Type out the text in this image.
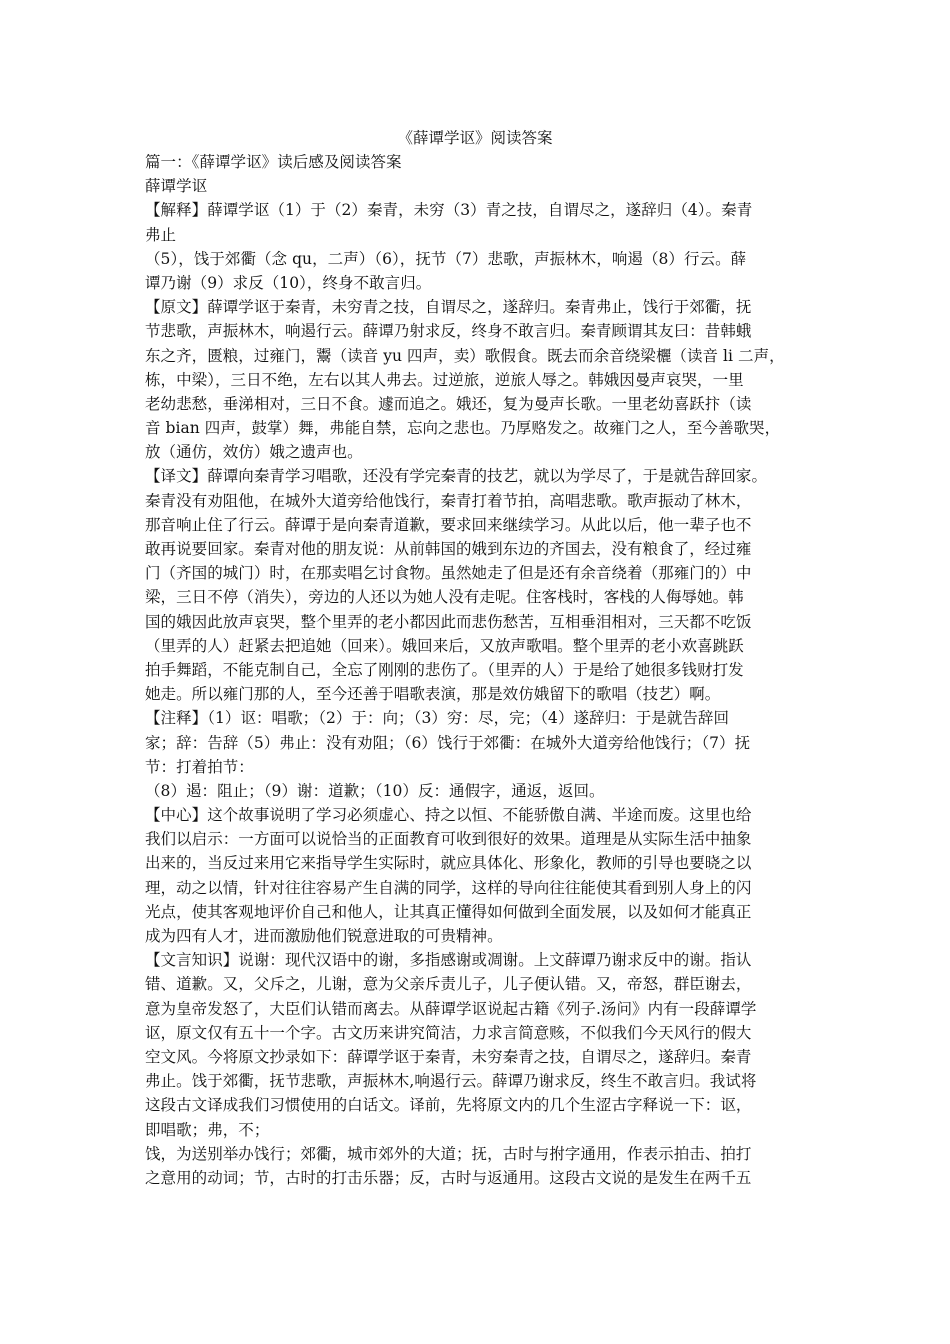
《薛谭学讴》阅读答案
篇一：《薛谭学讴》读后感及阅读答案
薛谭学讴
【解释】薛谭学讴（1）于（2）秦青，未穷（3）青之技，自谓尽之，遂辞归（4）。秦青
弗止
（5），饯于郊衢（念 qu，二声）（6），抚节（7）悲歌，声振林木，响遏（8）行云。薛
谭乃谢（9）求反（10），终身不敢言归。
【原文】薛谭学讴于秦青，未穷青之技，自谓尽之，遂辞归。秦青弗止，饯行于郊衢，抚
节悲歌，声振林木，响遏行云。薛谭乃射求反，终身不敢言归。秦青顾谓其友曰：昔韩蛾
东之齐，匮粮，过雍门，鬻（读音 yu 四声，卖）歌假食。既去而余音绕梁欐（读音 li 二声，
栋，中梁），三日不绝，左右以其人弗去。过逆旅，逆旅人辱之。韩娥因曼声哀哭，一里
老幼悲愁，垂涕相对，三日不食。遽而追之。娥还，复为曼声长歌。一里老幼喜跃抃（读
音 bian 四声，鼓掌）舞，弗能自禁，忘向之悲也。乃厚赂发之。故雍门之人，至今善歌哭，
放（通仿，效仿）娥之遗声也。
【译文】薛谭向秦青学习唱歌，还没有学完秦青的技艺，就以为学尽了，于是就告辞回家。
秦青没有劝阻他，在城外大道旁给他饯行，秦青打着节拍，高唱悲歌。歌声振动了林木，
那音响止住了行云。薛谭于是向秦青道歉，要求回来继续学习。从此以后，他一辈子也不
敢再说要回家。秦青对他的朋友说：从前韩国的娥到东边的齐国去，没有粮食了，经过雍
门（齐国的城门）时，在那卖唱乞讨食物。虽然她走了但是还有余音绕着（那雍门的）中
梁，三日不停（消失），旁边的人还以为她人没有走呢。住客栈时，客栈的人侮辱她。韩
国的娥因此放声哀哭，整个里弄的老小都因此而悲伤愁苦，互相垂泪相对，三天都不吃饭
（里弄的人）赶紧去把追她（回来）。娥回来后，又放声歌唱。整个里弄的老小欢喜跳跃
拍手舞蹈，不能克制自己，全忘了刚刚的悲伤了。（里弄的人）于是给了她很多钱财打发
她走。所以雍门那的人，至今还善于唱歌表演，那是效仿娥留下的歌唱（技艺）啊。
【注释】（1）讴：唱歌；（2）于：向；（3）穷：尽，完；（4）遂辞归：于是就告辞回
家；辞：告辞（5）弗止：没有劝阻；（6）饯行于郊衢：在城外大道旁给他饯行；（7）抚
节：打着拍节：
（8）遏：阻止；（9）谢：道歉；（10）反：通假字，通返，返回。
【中心】这个故事说明了学习必须虚心、持之以恒、不能骄傲自满、半途而废。这里也给
我们以启示：一方面可以说恰当的正面教育可收到很好的效果。道理是从实际生活中抽象
出来的，当反过来用它来指导学生实际时，就应具体化、形象化，教师的引导也要晓之以
理，动之以情，针对往往容易产生自满的同学，这样的导向往往能使其看到别人身上的闪
光点，使其客观地评价自己和他人，让其真正懂得如何做到全面发展，以及如何才能真正
成为四有人才，进而激励他们锐意进取的可贵精神。
【文言知识】说谢：现代汉语中的谢，多指感谢或凋谢。上文薛谭乃谢求反中的谢。指认
错、道歉。又，父斥之，儿谢，意为父亲斥责儿子，儿子便认错。又，帝怒，群臣谢去，
意为皇帝发怒了，大臣们认错而离去。从薛谭学讴说起古籍《列子.汤问》内有一段薛谭学
讴，原文仅有五十一个字。古文历来讲究简洁，力求言简意赅，不似我们今天风行的假大
空文风。今将原文抄录如下：薛谭学讴于秦青，未穷秦青之技，自谓尽之，遂辞归。秦青
弗止。饯于郊衢，抚节悲歌，声振林木,响遏行云。薛谭乃谢求反，终生不敢言归。我试将
这段古文译成我们习惯使用的白话文。译前，先将原文内的几个生涩古字释说一下：讴，
即唱歌；弗，不；
饯，为送别举办饯行；郊衢，城市郊外的大道；抚，古时与拊字通用，作表示拍击、拍打
之意用的动词；节，古时的打击乐器；反，古时与返通用。这段古文说的是发生在两千五
